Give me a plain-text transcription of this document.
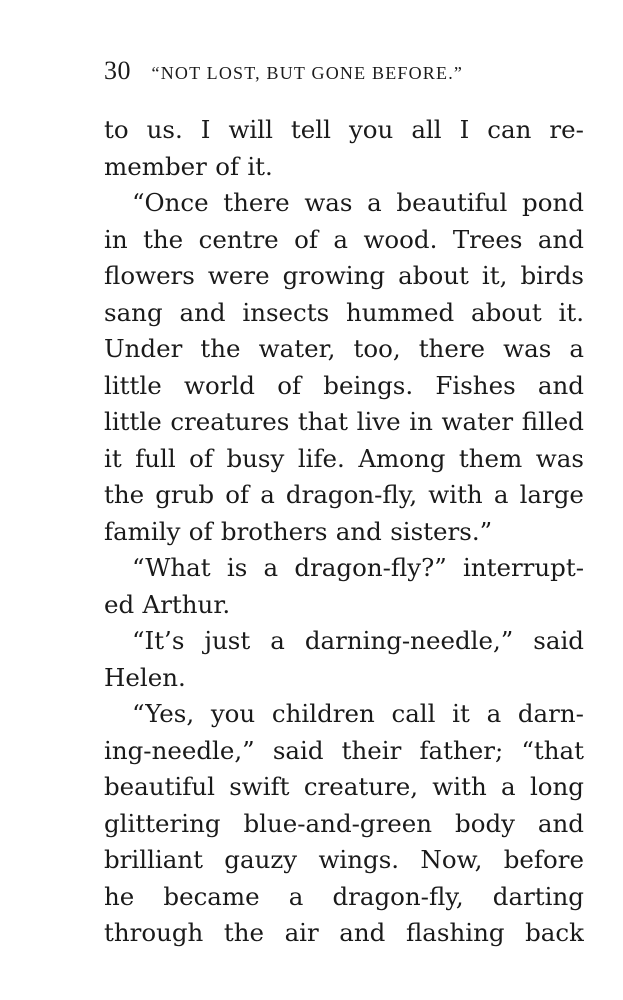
30 “NOT LOST, BUT GONE BEFORE.”
to us. I will tell you all I can re-
member of it.
“Once there was a beautiful pond
in the centre of a wood. Trees and
flowers were growing about it, birds
sang and insects hummed about it.
Under the water, too, there was a
little world of beings. Fishes and
little creatures that live in water filled
it full of busy life. Among them was
the grub of a dragon-fly, with a large
family of brothers and sisters.”
“What is a dragon-fly?” interrupt-
ed Arthur.
“It’s just a darning-needle,” said
Helen.
“Yes, you children call it a darn-
ing-needle,” said their father; “that
beautiful swift creature, with a long
glittering blue-and-green body and
brilliant gauzy wings. Now, before
he became a dragon-fly, darting
through the air and flashing back
